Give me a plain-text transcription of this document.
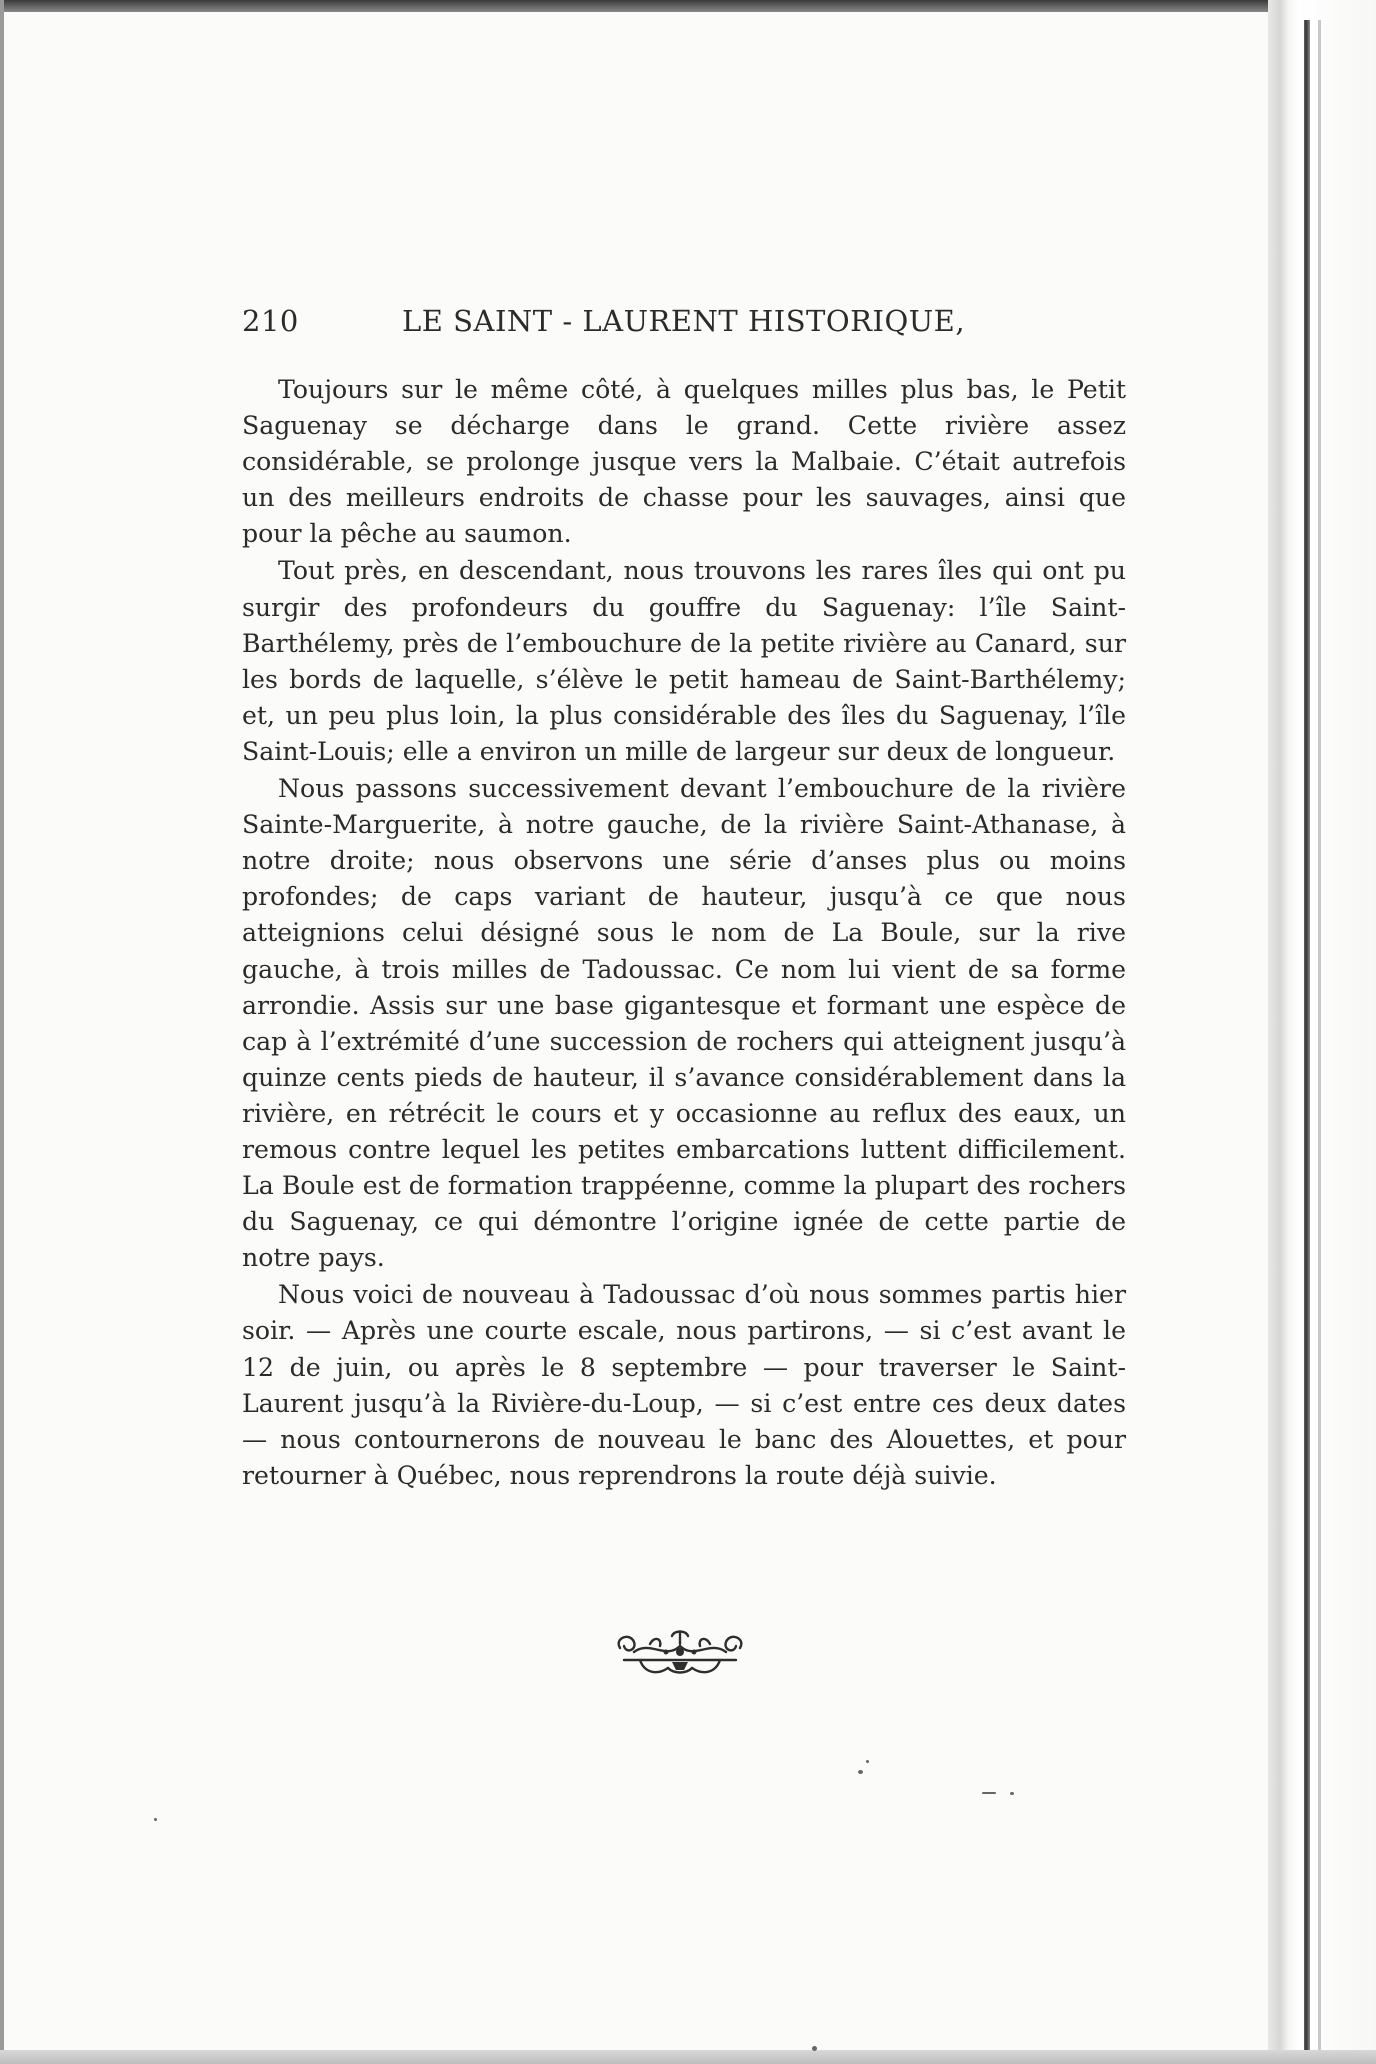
210	LE SAINT - LAURENT HISTORIQUE,

Toujours sur le même côté, à quelques milles plus bas, le Petit Saguenay se décharge dans le grand. Cette rivière assez considérable, se prolonge jusque vers la Malbaie. C’était autrefois un des meilleurs endroits de chasse pour les sauvages, ainsi que pour la pêche au saumon.

Tout près, en descendant, nous trouvons les rares îles qui ont pu surgir des profondeurs du gouffre du Saguenay: l’île Saint-Barthélemy, près de l’embouchure de la petite rivière au Canard, sur les bords de laquelle, s’élève le petit hameau de Saint-Barthélemy; et, un peu plus loin, la plus considérable des îles du Saguenay, l’île Saint-Louis; elle a environ un mille de largeur sur deux de longueur.

Nous passons successivement devant l’embouchure de la rivière Sainte-Marguerite, à notre gauche, de la rivière Saint-Athanase, à notre droite; nous observons une série d’anses plus ou moins profondes; de caps variant de hauteur, jusqu’à ce que nous atteignions celui désigné sous le nom de La Boule, sur la rive gauche, à trois milles de Tadoussac. Ce nom lui vient de sa forme arrondie. Assis sur une base gigantesque et formant une espèce de cap à l’extrémité d’une succession de rochers qui atteignent jusqu’à quinze cents pieds de hauteur, il s’avance considérablement dans la rivière, en rétrécit le cours et y occasionne au reflux des eaux, un remous contre lequel les petites embarcations luttent difficilement. La Boule est de formation trappéenne, comme la plupart des rochers du Saguenay, ce qui démontre l’origine ignée de cette partie de notre pays.

Nous voici de nouveau à Tadoussac d’où nous sommes partis hier soir. — Après une courte escale, nous partirons, — si c’est avant le 12 de juin, ou après le 8 septembre — pour traverser le Saint-Laurent jusqu’à la Rivière-du-Loup, — si c’est entre ces deux dates — nous contournerons de nouveau le banc des Alouettes, et pour retourner à Québec, nous reprendrons la route déjà suivie.
